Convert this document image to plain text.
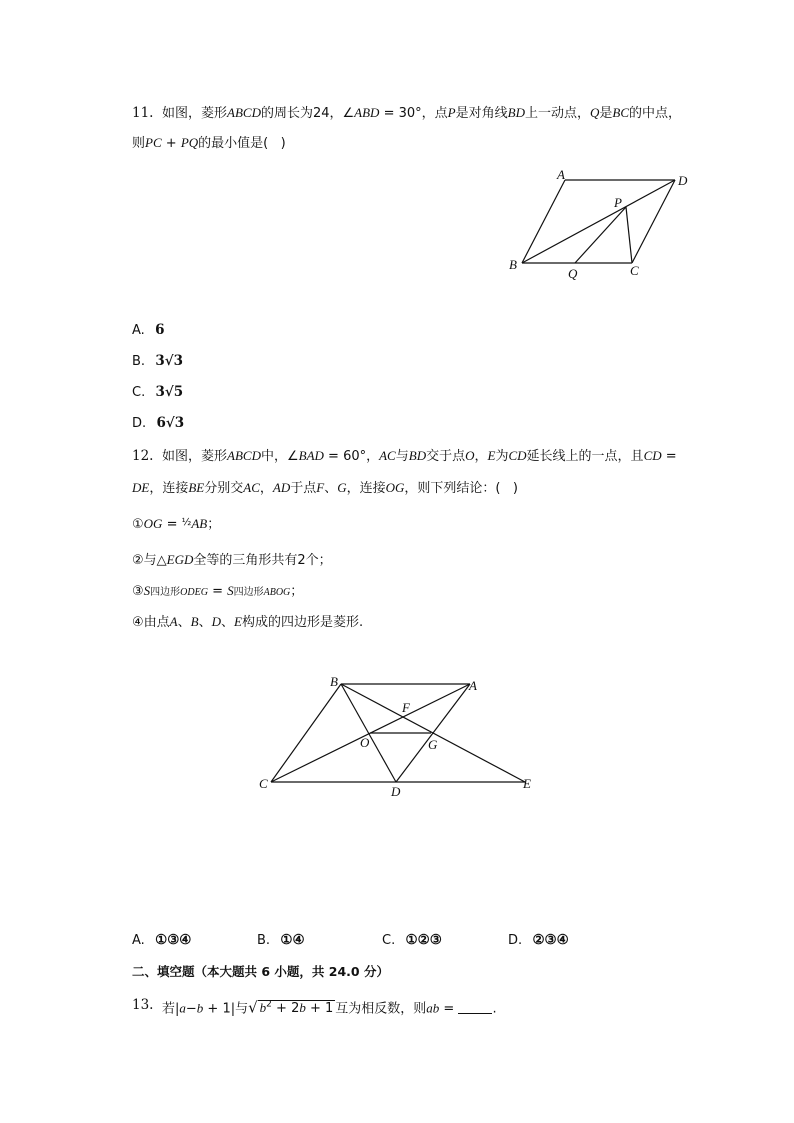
11. 如图，菱形ABCD的周长为24，∠ABD = 30°，点P是对角线BD上一动点，Q是BC的中点，
则PC + PQ的最小值是(   )
A	D
P
B
Q	C
A. 6
B. 3√3
C. 3√5
D. 6√3
12. 如图，菱形ABCD中，∠BAD = 60°，AC与BD交于点O，E为CD延长线上的一点，且CD =
DE，连接BE分别交AC，AD于点F、G，连接OG，则下列结论：(   )
①OG = $^{\frac{1}{2}}$AB；
②与△EGD全等的三角形共有2个；
③S四边形ODEG = S四边形ABOG；
④由点A、B、D、E构成的四边形是菱形.
B	A
F
O	G
C
D
E
A. ①③④	B. ①④	C. ①②③	D. ②③④
二、填空题（本大题共 6 小题，共 24.0 分）
13. 若|a−b + 1|与√ $b^2 + 2b + 1$ 互为相反数，则ab =	.
